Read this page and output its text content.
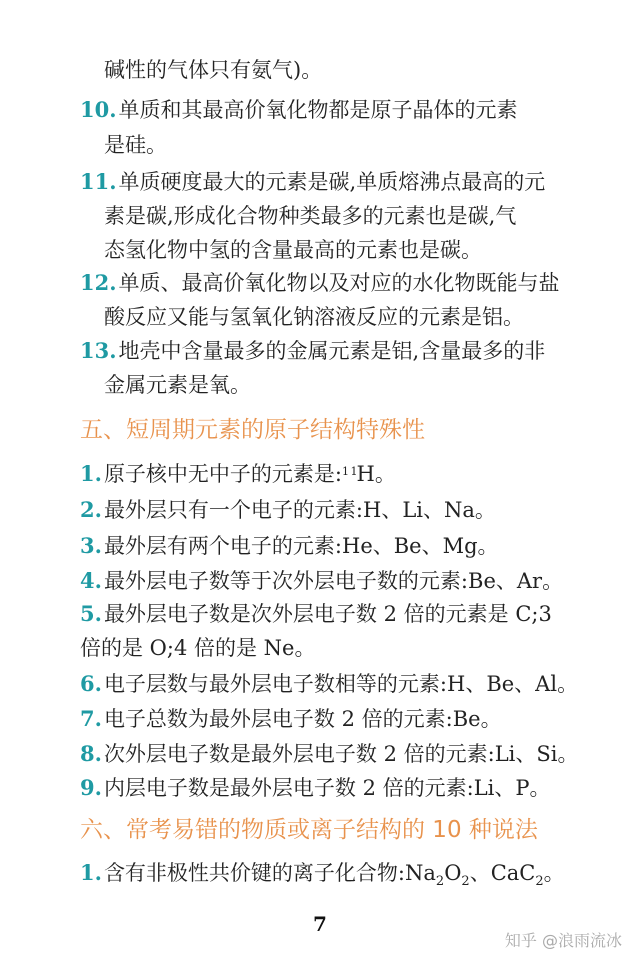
碱性的气体只有氨气)。
10.单质和其最高价氧化物都是原子晶体的元素
是硅。
11.单质硬度最大的元素是碳,单质熔沸点最高的元
素是碳,形成化合物种类最多的元素也是碳,气
态氢化物中氢的含量最高的元素也是碳。
12.单质、最高价氧化物以及对应的水化物既能与盐
酸反应又能与氢氧化钠溶液反应的元素是铝。
13.地壳中含量最多的金属元素是铝,含量最多的非
金属元素是氧。
五、短周期元素的原子结构特殊性
1.原子核中无中子的元素是:$^{1 1}$H。
2.最外层只有一个电子的元素:H、Li、Na。
3.最外层有两个电子的元素:He、Be、Mg。
4.最外层电子数等于次外层电子数的元素:Be、Ar。
5.最外层电子数是次外层电子数 2 倍的元素是 C;3
倍的是 O;4 倍的是 Ne。
6.电子层数与最外层电子数相等的元素:H、Be、Al。
7.电子总数为最外层电子数 2 倍的元素:Be。
8.次外层电子数是最外层电子数 2 倍的元素:Li、Si。
9.内层电子数是最外层电子数 2 倍的元素:Li、P。
六、常考易错的物质或离子结构的 10 种说法
1.含有非极性共价键的离子化合物$:Na_2O_2$、CaC$_2$。
7
知乎 @浪雨流冰
